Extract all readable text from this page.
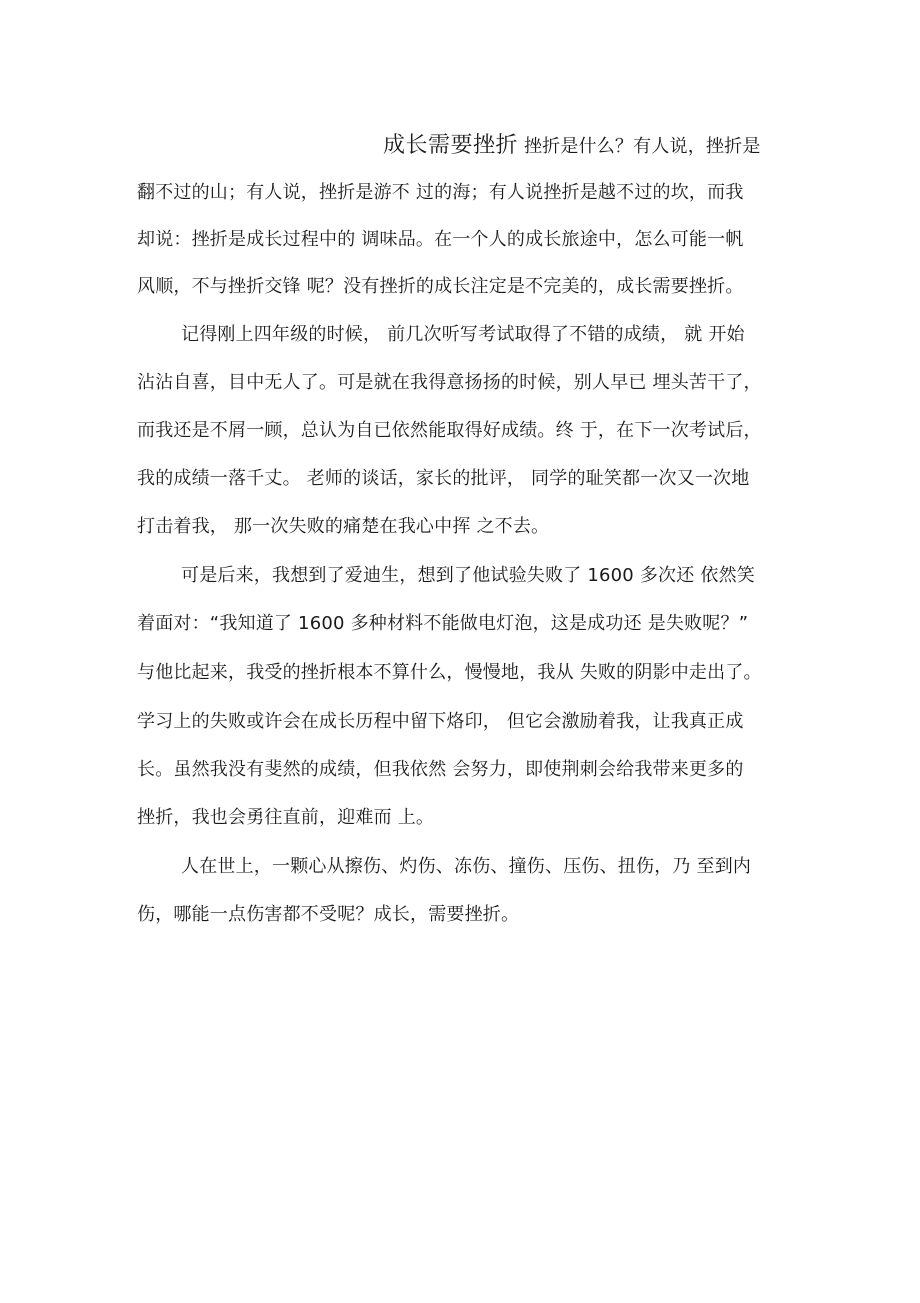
成长需要挫折 挫折是什么？有人说，挫折是
翻不过的山；有人说，挫折是游不 过的海；有人说挫折是越不过的坎，而我
却说：挫折是成长过程中的 调味品。在一个人的成长旅途中，怎么可能一帆
风顺，不与挫折交锋 呢？没有挫折的成长注定是不完美的，成长需要挫折。
记得刚上四年级的时候， 前几次听写考试取得了不错的成绩， 就 开始
沾沾自喜，目中无人了。可是就在我得意扬扬的时候，别人早已 埋头苦干了，
而我还是不屑一顾，总认为自已依然能取得好成绩。终 于，在下一次考试后，
我的成绩一落千丈。 老师的谈话，家长的批评， 同学的耻笑都一次又一次地
打击着我， 那一次失败的痛楚在我心中挥 之不去。
可是后来，我想到了爱迪生，想到了他试验失败了 1600 多次还 依然笑
着面对：“我知道了 1600 多种材料不能做电灯泡，这是成功还 是失败呢？”
与他比起来，我受的挫折根本不算什么，慢慢地，我从 失败的阴影中走出了。
学习上的失败或许会在成长历程中留下烙印， 但它会激励着我，让我真正成
长。虽然我没有斐然的成绩，但我依然 会努力，即使荆刺会给我带来更多的
挫折，我也会勇往直前，迎难而 上。
人在世上，一颗心从擦伤、灼伤、冻伤、撞伤、压伤、扭伤，乃 至到内
伤，哪能一点伤害都不受呢？成长，需要挫折。
